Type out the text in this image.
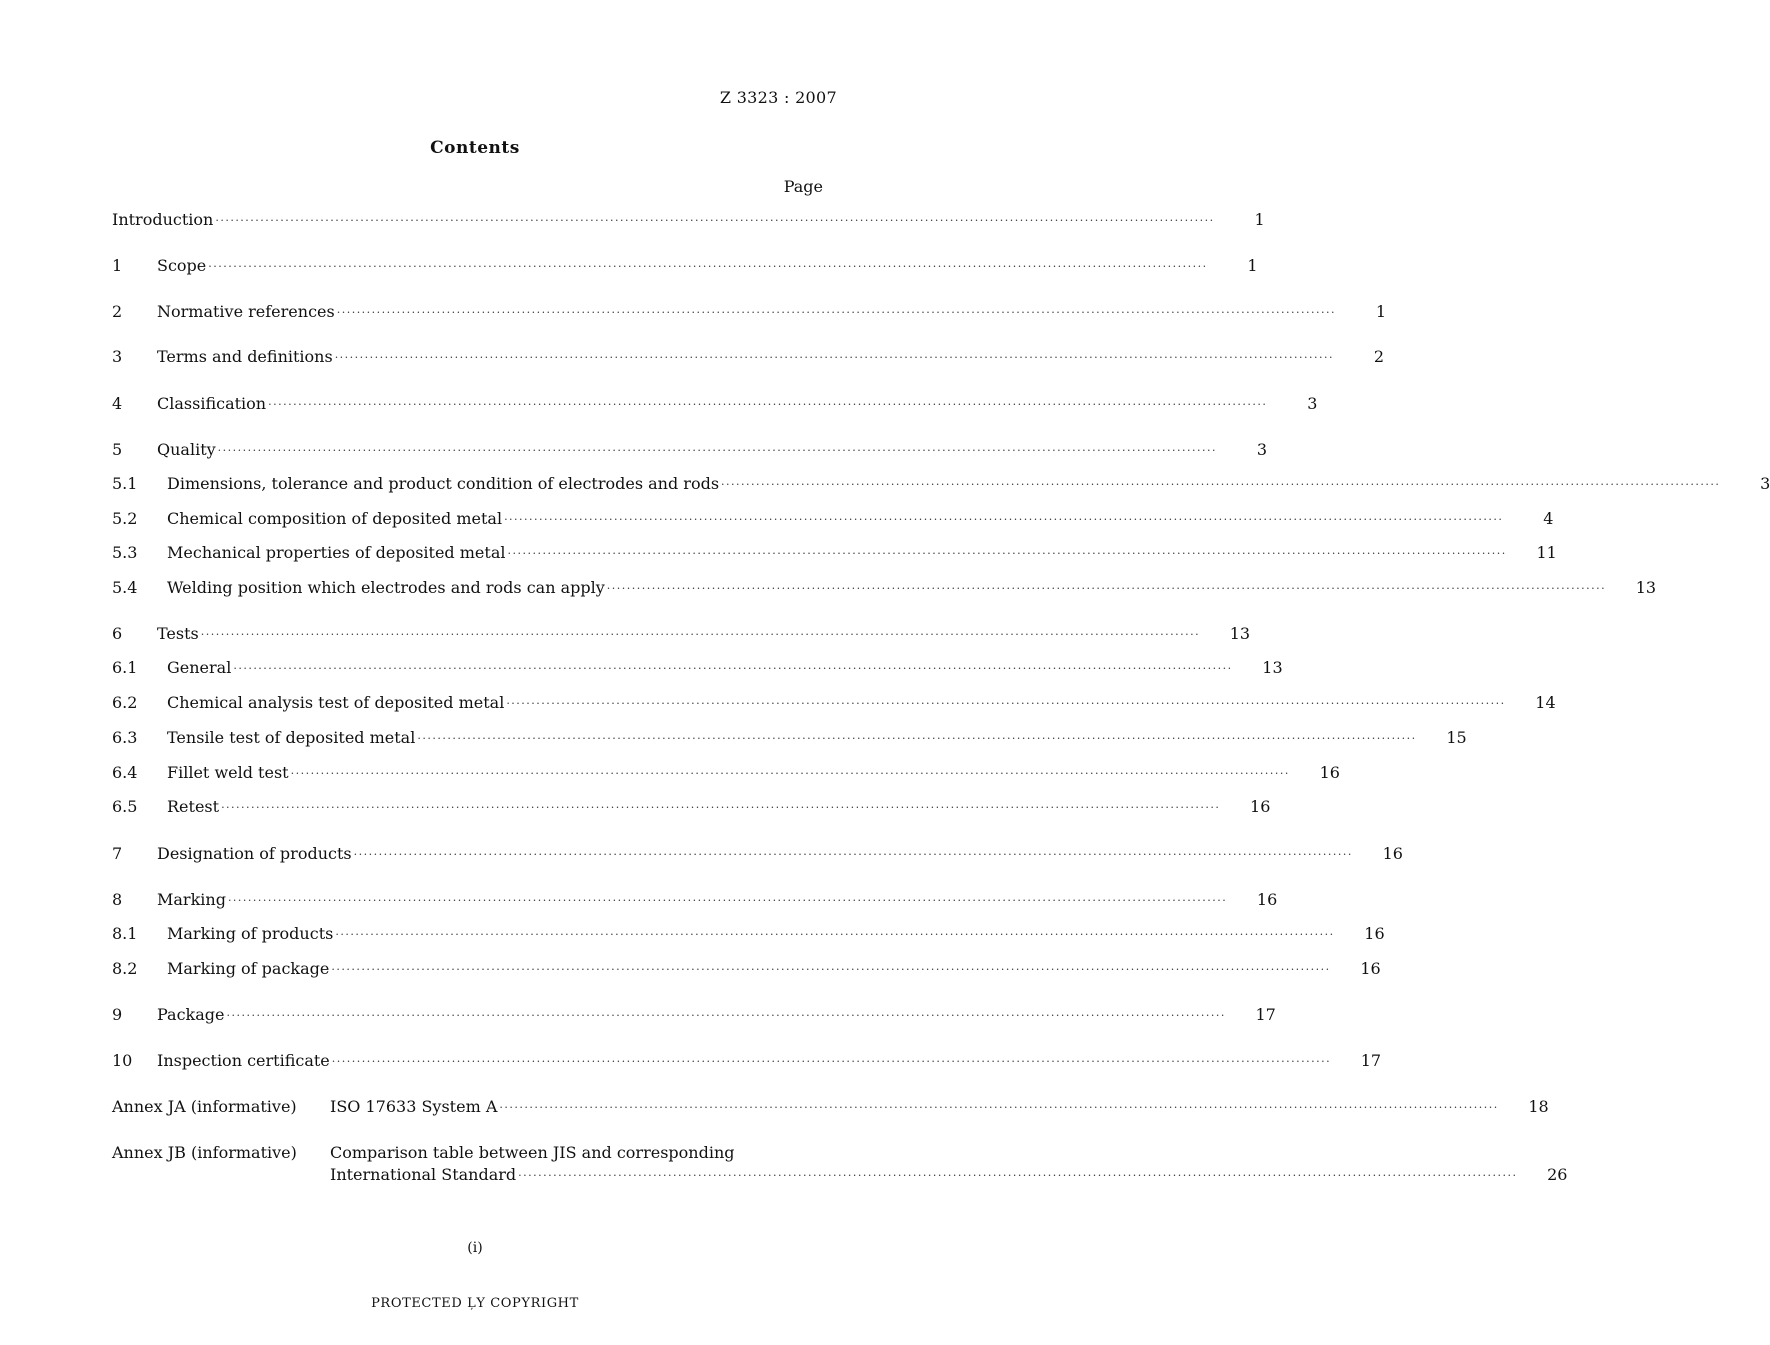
Z 3323 : 2007
Contents
Page
Introduction ........................................................................................................................................................................................................	1
1	Scope ........................................................................................................................................................................................................	1
2	Normative references ........................................................................................................................................................................................................	1
3	Terms and definitions ........................................................................................................................................................................................................	2
4	Classification ........................................................................................................................................................................................................	3
5	Quality ........................................................................................................................................................................................................	3
5.1	Dimensions, tolerance and product condition of electrodes and rods ........................................................................................................................................................................................................	3
5.2	Chemical composition of deposited metal ........................................................................................................................................................................................................	4
5.3	Mechanical properties of deposited metal ........................................................................................................................................................................................................	11
5.4	Welding position which electrodes and rods can apply ........................................................................................................................................................................................................	13
6	Tests ........................................................................................................................................................................................................	13
6.1	General ........................................................................................................................................................................................................	13
6.2	Chemical analysis test of deposited metal ........................................................................................................................................................................................................	14
6.3	Tensile test of deposited metal ........................................................................................................................................................................................................	15
6.4	Fillet weld test ........................................................................................................................................................................................................	16
6.5	Retest ........................................................................................................................................................................................................	16
7	Designation of products ........................................................................................................................................................................................................	16
8	Marking ........................................................................................................................................................................................................	16
8.1	Marking of products ........................................................................................................................................................................................................	16
8.2	Marking of package ........................................................................................................................................................................................................	16
9	Package ........................................................................................................................................................................................................	17
10	Inspection certificate ........................................................................................................................................................................................................	17
Annex JA (informative)	ISO 17633 System A ........................................................................................................................................................................................................	18
Annex JB (informative)	Comparison table between JIS and corresponding
International Standard ........................................................................................................................................................................................................	26
(i)
PROTECTED ĻY COPYRIGHT
